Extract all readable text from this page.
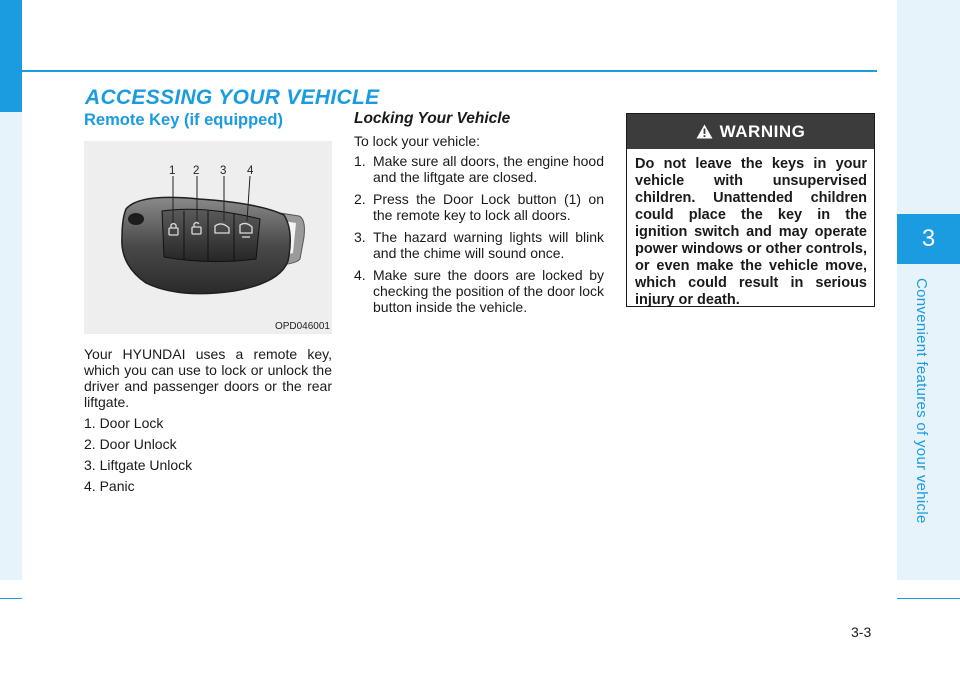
3
Convenient features of your vehicle
ACCESSING YOUR VEHICLE
Remote Key (if equipped)
1 2 3 4
OPD046001

Your HYUNDAI uses a remote key, which you can use to lock or unlock the driver and passenger doors or the rear liftgate.

1. Door Lock
2. Door Unlock
3. Liftgate Unlock
4. Panic
Locking Your Vehicle

To lock your vehicle:

1. Make sure all doors, the engine hood and the liftgate are closed.
2. Press the Door Lock button (1) on the remote key to lock all doors.
3. The hazard warning lights will blink and the chime will sound once.
4. Make sure the doors are locked by checking the position of the door lock button inside the vehicle.
WARNING

Do not leave the keys in your vehicle with unsupervised children. Unattended children could place the key in the ignition switch and may operate power windows or other controls, or even make the vehicle move, which could result in serious injury or death.

3-3
